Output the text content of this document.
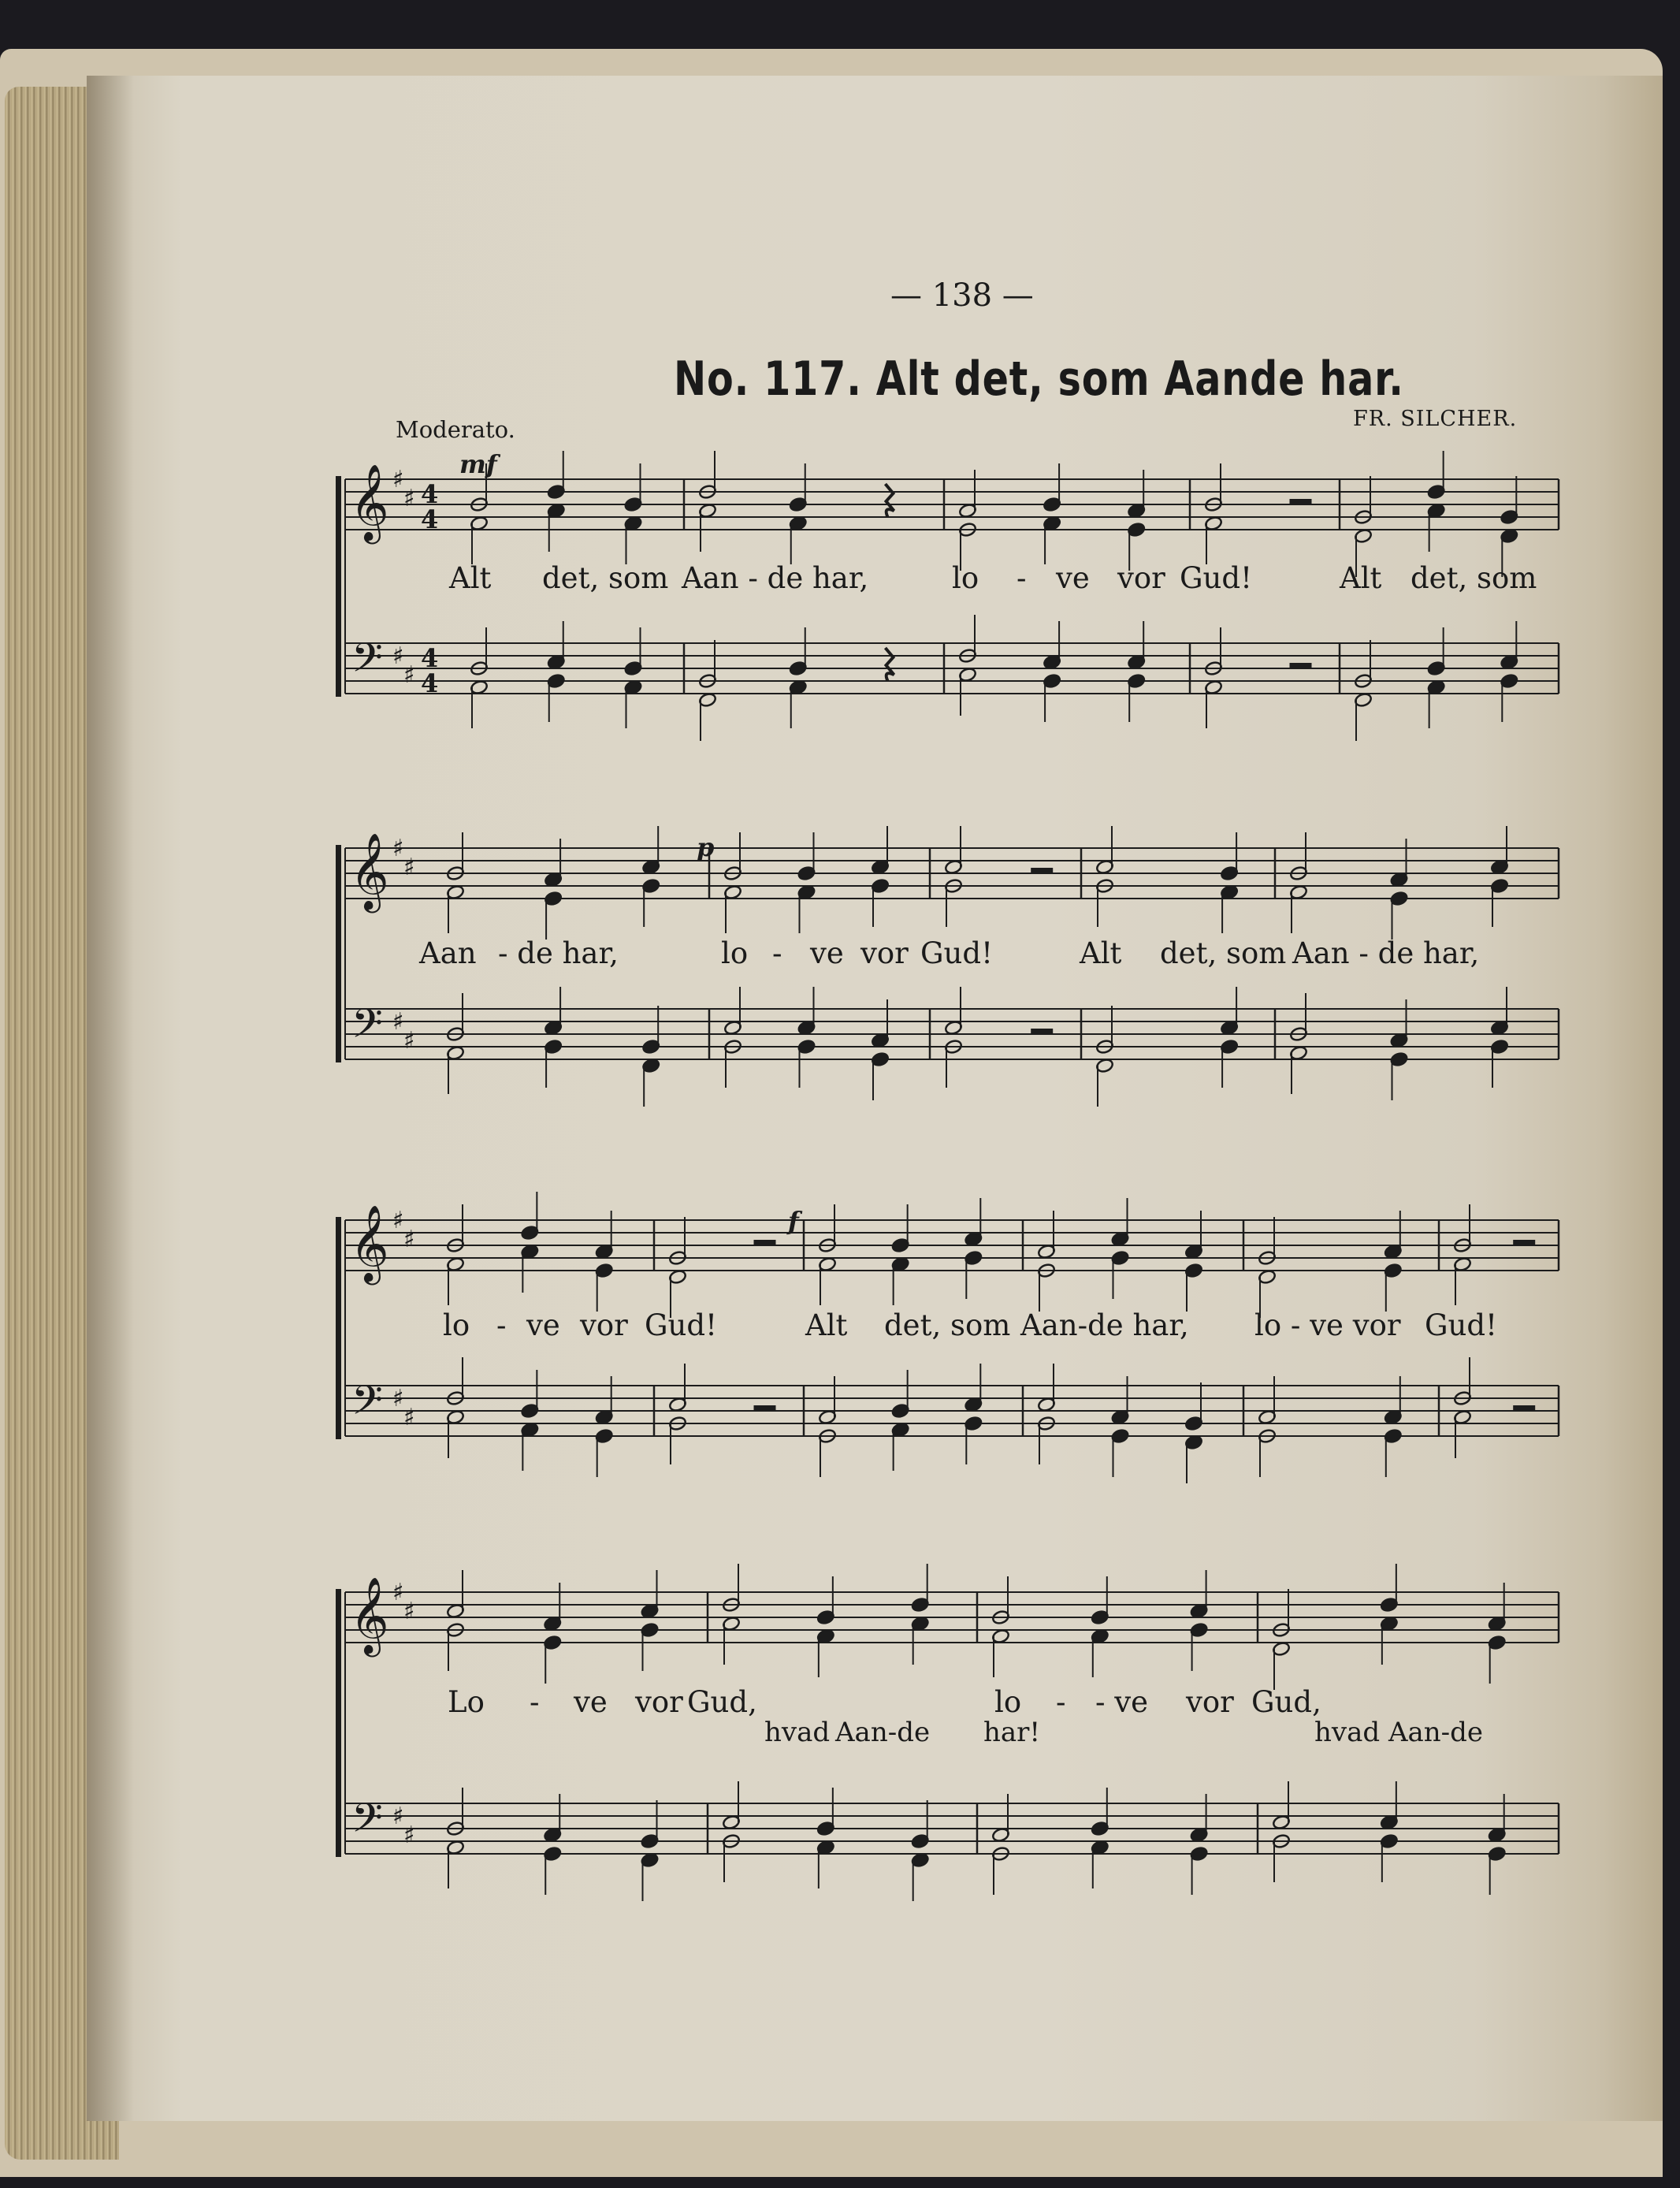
— 138 —
No. 117. Alt det, som Aande har.
Moderato.	FR. SILCHER.
Alt det, som Aan - de har,	lo - ve vor Gud!	Alt det, som
Aan - de har,	lo - ve vor Gud!	Alt det, som Aan - de har,
lo - ve vor Gud!	Alt det, som Aan-de har, lo - ve vor Gud!
Lo - ve vor Gud,	lo - - ve vor Gud,
hvad Aan-de har!	hvad Aan-de
𝄞
𝄢
♯
♯
♯
♯
4
4
4
4
mf
𝄞
𝄢
♯
♯
♯
♯
p
𝄞
𝄢
♯
♯
♯
♯
f
𝄞
𝄢
♯
♯
♯
♯
